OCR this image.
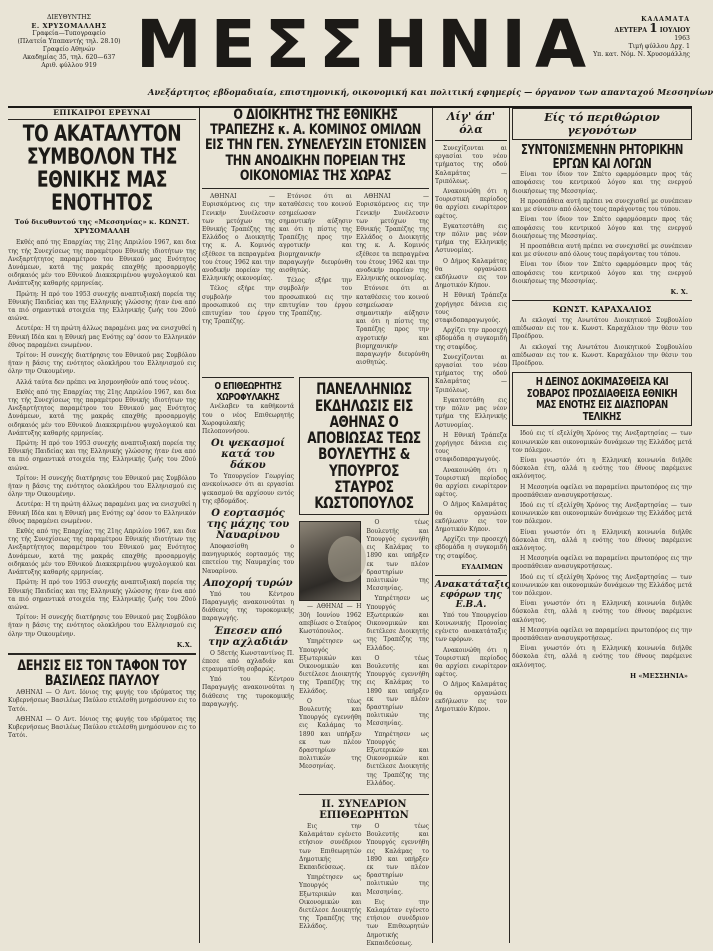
ΔΙΕΥΘΥΝΤΗΣ
Ε. ΧΡΥΣΟΜΑΛΛΗΣ
Γραφεία—Τυπογραφείο
(Πλατεία Υπαπαντής τηλ. 28.10)
Γραφείο Αθηνών
Ακαδημίας 35, τηλ. 620—637
Αριθ. φύλλου 919 ΜΕΣΣΗΝΙΑ	ΚΑΛΑΜΑΤΑ
ΔΕΥΤΕΡΑ 1 ΙΟΥΛΙΟΥ
1963
Τιμή φύλλου Δρχ. 1
Υπ. κατ. Νόμ. Ν. Χρυσομάλλης
Ανεξάρτητος εβδομαδιαία, επιστημονική, οικονομική και πολιτική εφημερίς — όργανον των απανταχού Μεσσηνίων
ΕΠΙΚΑΙΡΟΙ ΕΡΕΥΝΑΙ
ΤΟ ΑΚΑΤΑΛΥΤΟΝ ΣΥΜΒΟΛΟΝ ΤΗΣ ΕΘΝΙΚΗΣ ΜΑΣ ΕΝΟΤΗΤΟΣ
Τού διευθυντού της «Μεσσηνίας» κ. ΚΩΝΣΤ. ΧΡΥΣΟΜΑΛΛΗ

Εκθές από της Επαρχίας της 21ης Απριλίου 1967, και δια της τής Συνεχίσεως της παραμέτρου Εθνικής ιδιοτήτων της Ανεξαρτήτητος παραμέτρου του Εθνικού μας Ενότητος Δυνάμεων, κατά της μακράς επαχθής προσαρμογής οιδηκαιός μέν του Εθνικού Διακεκριμένου ψυχολογικού και Ανάπτυξης καθαρής ερμηνείας.

Πρώτη: Η πρό του 1953 συνεχής αναπτυξιακή πορεία της Εθνικής Παιδείας και της Ελληνικής γλώσσης ήταν ένα από τα πιό σημαντικά στοιχεία της Ελληνικής ζωής του 20ού αιώνα.

Δευτέρα: Η τη πρώτη άλλως παραμένει μας να ενισχυθεί η Εθνική Ιδέα και η Εθνική μας Ενότης εφ' όσον το Ελληνικόν έθνος παραμένει ενωμένον.

Τρίτον: Η συνεχής διατήρησις του Εθνικού μας Συμβόλου ήταν η βάσις της ενότητος ολοκλήρου του Ελληνισμού εις όλην την Οικουμένην.

Αλλά ταύτα δεν πρέπει να λησμονηθούν από τους νέους.

Εκθές από της Επαρχίας της 21ης Απριλίου 1967, και δια της τής Συνεχίσεως της παραμέτρου Εθνικής ιδιοτήτων της Ανεξαρτήτητος παραμέτρου του Εθνικού μας Ενότητος Δυνάμεων, κατά της μακράς επαχθής προσαρμογής οιδηκαιός μέν του Εθνικού Διακεκριμένου ψυχολογικού και Ανάπτυξης καθαρής ερμηνείας.

Πρώτη: Η πρό του 1953 συνεχής αναπτυξιακή πορεία της Εθνικής Παιδείας και της Ελληνικής γλώσσης ήταν ένα από τα πιό σημαντικά στοιχεία της Ελληνικής ζωής του 20ού αιώνα.

Τρίτον: Η συνεχής διατήρησις του Εθνικού μας Συμβόλου ήταν η βάσις της ενότητος ολοκλήρου του Ελληνισμού εις όλην την Οικουμένην.

Δευτέρα: Η τη πρώτη άλλως παραμένει μας να ενισχυθεί η Εθνική Ιδέα και η Εθνική μας Ενότης εφ' όσον το Ελληνικόν έθνος παραμένει ενωμένον.

Εκθές από της Επαρχίας της 21ης Απριλίου 1967, και δια της τής Συνεχίσεως της παραμέτρου Εθνικής ιδιοτήτων της Ανεξαρτήτητος παραμέτρου του Εθνικού μας Ενότητος Δυνάμεων, κατά της μακράς επαχθής προσαρμογής οιδηκαιός μέν του Εθνικού Διακεκριμένου ψυχολογικού και Ανάπτυξης καθαρής ερμηνείας.

Πρώτη: Η πρό του 1953 συνεχής αναπτυξιακή πορεία της Εθνικής Παιδείας και της Ελληνικής γλώσσης ήταν ένα από τα πιό σημαντικά στοιχεία της Ελληνικής ζωής του 20ού αιώνα.

Τρίτον: Η συνεχής διατήρησις του Εθνικού μας Συμβόλου ήταν η βάσις της ενότητος ολοκλήρου του Ελληνισμού εις όλην την Οικουμένην.

Κ.Χ.
ΔΕΗΣΙΣ ΕΙΣ ΤΟΝ ΤΑΦΟΝ ΤΟΥ ΒΑΣΙΛΕΩΣ ΠΑΥΛΟΥ

ΑΘΗΝΑΙ — Ο Αντ. Ιόνιος της φυγής του ιδρύματος της Κυβερνήσεως Βασιλέως Παύλου ετελέσθη μνημόσυνον εις το Τατόι.

ΑΘΗΝΑΙ — Ο Αντ. Ιόνιος της φυγής του ιδρύματος της Κυβερνήσεως Βασιλέως Παύλου ετελέσθη μνημόσυνον εις το Τατόι.

Ο ΔΙΟΙΚΗΤΗΣ ΤΗΣ ΕΘΝΙΚΗΣ ΤΡΑΠΕΖΗΣ κ. Α. ΚΟΜΙΝΟΣ ΟΜΙΛΩΝ ΕΙΣ ΤΗΝ ΓΕΝ. ΣΥΝΕΛΕΥΣΙΝ ΕΤΟΝΙΣΕΝ ΤΗΝ ΑΝΟΔΙΚΗΝ ΠΟΡΕΙΑΝ ΤΗΣ ΟΙΚΟΝΟΜΙΑΣ ΤΗΣ ΧΩΡΑΣ

ΑΘΗΝΑΙ — Ευρισκόμενος εις την Γενικήν Συνέλευσιν των μετόχων της Εθνικής Τραπέζης της Ελλάδος ο Διοικητής της κ. Α. Κομινός εξέθεσε τα πεπραγμένα του έτους 1962 και την ανοδικήν πορείαν της Ελληνικής οικονομίας.

Τέλος εξήρε την συμβολήν του προσωπικού εις την επιτυχίαν του έργου της Τραπέζης.

Ετόνισε ότι αι καταθέσεις του κοινού εσημείωσαν σημαντικήν αύξησιν και ότι η πίστις της Τραπέζης προς την αγροτικήν και βιομηχανικήν παραγωγήν διευρύνθη αισθητώς.

Τέλος εξήρε την συμβολήν του προσωπικού εις την επιτυχίαν του έργου της Τραπέζης.

ΑΘΗΝΑΙ — Ευρισκόμενος εις την Γενικήν Συνέλευσιν των μετόχων της Εθνικής Τραπέζης της Ελλάδος ο Διοικητής της κ. Α. Κομινός εξέθεσε τα πεπραγμένα του έτους 1962 και την ανοδικήν πορείαν της Ελληνικής οικονομίας.

Ετόνισε ότι αι καταθέσεις του κοινού εσημείωσαν σημαντικήν αύξησιν και ότι η πίστις της Τραπέζης προς την αγροτικήν και βιομηχανικήν παραγωγήν διευρύνθη αισθητώς.

Ο ΕΠΙΘΕΩΡΗΤΗΣ ΧΩΡΟΦΥΛΑΚΗΣ

Ανέλαβεν τα καθήκοντά του ο νέος Επιθεωρητής Χωροφυλακής Πελοποννήσου.

Οι ψεκασμοί κατά του δάκου

Το Υπουργείον Γεωργίας ανεκοίνωσεν ότι αι εργασίαι ψεκασμού θα αρχίσουν εντός της εβδομάδος.

Ο εορτασμός της μάχης του Ναυαρίνου

Αποφασίσθη ο πανηγυρικός εορτασμός της επετείου της Ναυμαχίας του Ναυαρίνου.

Αποχορή τυρών

Υπό του Κέντρου Παραγωγής ανακοινούται η διάθεσις της τυροκομικής παραγωγής.

Έπεσεν από την αχλαδιάν

Ο 58ετής Κωνσταντίνος Π. έπεσε από αχλαδιάν και ετραυματίσθη σοβαρώς.

Υπό του Κέντρου Παραγωγής ανακοινούται η διάθεσις της τυροκομικής παραγωγής.

ΠΑΝΕΛΛΗΝΙΩΣ ΕΚΔΗΛΩΣΙΣ ΕΙΣ ΑΘΗΝΑΣ Ο ΑΠΟΒΙΩΣΑΣ ΤΕΩΣ ΒΟΥΛΕΥΤΗΣ & ΥΠΟΥΡΓΟΣ ΣΤΑΥΡΟΣ ΚΩΣΤΟΠΟΥΛΟΣ

— ΑΘΗΝΑΙ — Η 30ή Ιουνίου 1962 απεβίωσε ο Σταύρος Κωστόπουλος.

Υπηρέτησεν ως Υπουργός Εξωτερικών και Οικονομικών και διετέλεσε Διοικητής της Τραπέζης της Ελλάδος.

Ο τέως Βουλευτής και Υπουργός εγεννήθη εις Καλάμας το 1890 και υπήρξεν εκ των πλέον δραστηρίων πολιτικών της Μεσσηνίας.

Ο τέως Βουλευτής και Υπουργός εγεννήθη εις Καλάμας το 1890 και υπήρξεν εκ των πλέον δραστηρίων πολιτικών της Μεσσηνίας.

Υπηρέτησεν ως Υπουργός Εξωτερικών και Οικονομικών και διετέλεσε Διοικητής της Τραπέζης της Ελλάδος.

Ο τέως Βουλευτής και Υπουργός εγεννήθη εις Καλάμας το 1890 και υπήρξεν εκ των πλέον δραστηρίων πολιτικών της Μεσσηνίας.

Υπηρέτησεν ως Υπουργός Εξωτερικών και Οικονομικών και διετέλεσε Διοικητής της Τραπέζης της Ελλάδος.

ΙΙ. ΣΥΝΕΔΡΙΟΝ ΕΠΙΘΕΩΡΗΤΩΝ

Εις την Καλαμάταν εγένετο ετήσιον συνέδριον των Επιθεωρητών Δημοτικής Εκπαιδεύσεως.

Υπηρέτησεν ως Υπουργός Εξωτερικών και Οικονομικών και διετέλεσε Διοικητής της Τραπέζης της Ελλάδος.

Ο τέως Βουλευτής και Υπουργός εγεννήθη εις Καλάμας το 1890 και υπήρξεν εκ των πλέον δραστηρίων πολιτικών της Μεσσηνίας.

Εις την Καλαμάταν εγένετο ετήσιον συνέδριον των Επιθεωρητών Δημοτικής Εκπαιδεύσεως.

Λίγ' άπ' όλα

Συνεχίζονται αι εργασίαι του νέου τμήματος της οδού Καλαμάτας — Τριπόλεως.

Ανακοινώθη ότι η Τουριστική περίοδος θα αρχίσει ενωρίτερον εφέτος.

Εγκατεστάθη εις την πόλιν μας νέον τμήμα της Ελληνικής Αστυνομίας.

Ο Δήμος Καλαμάτας θα οργανώσει εκδήλωσιν εις τον Δημοτικόν Κήπον.

Η Εθνική Τράπεζα χορήγησε δάνεια εις τους σταφιδοπαραγωγούς.

Αρχίζει την προσεχή εβδομάδα η συγκομιδή της σταφίδος.

Συνεχίζονται αι εργασίαι του νέου τμήματος της οδού Καλαμάτας — Τριπόλεως.

Εγκατεστάθη εις την πόλιν μας νέον τμήμα της Ελληνικής Αστυνομίας.

Η Εθνική Τράπεζα χορήγησε δάνεια εις τους σταφιδοπαραγωγούς.

Ανακοινώθη ότι η Τουριστική περίοδος θα αρχίσει ενωρίτερον εφέτος.

Ο Δήμος Καλαμάτας θα οργανώσει εκδήλωσιν εις τον Δημοτικόν Κήπον.

Αρχίζει την προσεχή εβδομάδα η συγκομιδή της σταφίδος.

ΕΥΔΑΙΜΩΝ
Ανακατάταξις εφόρων της Ε.Β.Α.

Υπό του Υπουργείου Κοινωνικής Προνοίας εγένετο ανακατάταξις των εφόρων.

Ανακοινώθη ότι η Τουριστική περίοδος θα αρχίσει ενωρίτερον εφέτος.

Ο Δήμος Καλαμάτας θα οργανώσει εκδήλωσιν εις τον Δημοτικόν Κήπον.

Είς τό περιθώριον γεγονότων
ΣΥΝΤΟΝΙΣΜΕΝΗΝ ΡΗΤΟΡΙΚΗΝ ΕΡΓΩΝ ΚΑΙ ΛΟΓΩΝ

Είναι τον ίδιον τον Σπέτο εφαρμόσαμεν προς τάς αποφάσεις του κεντρικού λόγου και της ενεργού διοικήσεως της Μεσσηνίας.

Η προσπάθεια αυτή πρέπει να συνεχισθεί με συνέπειαν και με σύνεσιν από όλους τους παράγοντας του τόπου.

Είναι τον ίδιον τον Σπέτο εφαρμόσαμεν προς τάς αποφάσεις του κεντρικού λόγου και της ενεργού διοικήσεως της Μεσσηνίας.

Η προσπάθεια αυτή πρέπει να συνεχισθεί με συνέπειαν και με σύνεσιν από όλους τους παράγοντας του τόπου.

Είναι τον ίδιον τον Σπέτο εφαρμόσαμεν προς τάς αποφάσεις του κεντρικού λόγου και της ενεργού διοικήσεως της Μεσσηνίας.

Κ. Χ.
ΚΩΝΣΤ. ΚΑΡΑΧΑΛΙΟΣ

Αι εκλογαί της Ανωτάτου Διοικητικού Συμβουλίου απέδωσαν εις τον κ. Κωνστ. Καραχάλιον την θέσιν του Προέδρου.

Αι εκλογαί της Ανωτάτου Διοικητικού Συμβουλίου απέδωσαν εις τον κ. Κωνστ. Καραχάλιον την θέσιν του Προέδρου.

Η ΔΕΙΝΟΣ ΔΟΚΙΜΑΣΘΕΙΣΑ ΚΑΙ ΣΟΒΑΡΟΣ ΠΡΟΣΔΙΑΘΕΙΣΑ ΕΘΝΙΚΗ ΜΑΣ ΕΝΟΤΗΣ ΕΙΣ ΔΙΑΣΠΟΡΑΝ ΤΕΛΙΚΗΣ

Ιδού εις τί εξελίχθη Χρόνος της Ανεξαρτησίας — των κοινωνικών και οικονομικών δυνάμεων της Ελλάδος μετά τον πόλεμον.

Είναι γνωστόν ότι η Ελληνική κοινωνία διήλθε δύσκολα έτη, αλλά η ενότης του έθνους παρέμεινε ακλόνητος.

Η Μεσσηνία οφείλει να παραμείνει πρωτοπόρος εις την προσπάθειαν ανασυγκροτήσεως.

Ιδού εις τί εξελίχθη Χρόνος της Ανεξαρτησίας — των κοινωνικών και οικονομικών δυνάμεων της Ελλάδος μετά τον πόλεμον.

Είναι γνωστόν ότι η Ελληνική κοινωνία διήλθε δύσκολα έτη, αλλά η ενότης του έθνους παρέμεινε ακλόνητος.

Η Μεσσηνία οφείλει να παραμείνει πρωτοπόρος εις την προσπάθειαν ανασυγκροτήσεως.

Ιδού εις τί εξελίχθη Χρόνος της Ανεξαρτησίας — των κοινωνικών και οικονομικών δυνάμεων της Ελλάδος μετά τον πόλεμον.

Είναι γνωστόν ότι η Ελληνική κοινωνία διήλθε δύσκολα έτη, αλλά η ενότης του έθνους παρέμεινε ακλόνητος.

Η Μεσσηνία οφείλει να παραμείνει πρωτοπόρος εις την προσπάθειαν ανασυγκροτήσεως.

Είναι γνωστόν ότι η Ελληνική κοινωνία διήλθε δύσκολα έτη, αλλά η ενότης του έθνους παρέμεινε ακλόνητος.

Η «ΜΕΣΣΗΝΙΑ»
